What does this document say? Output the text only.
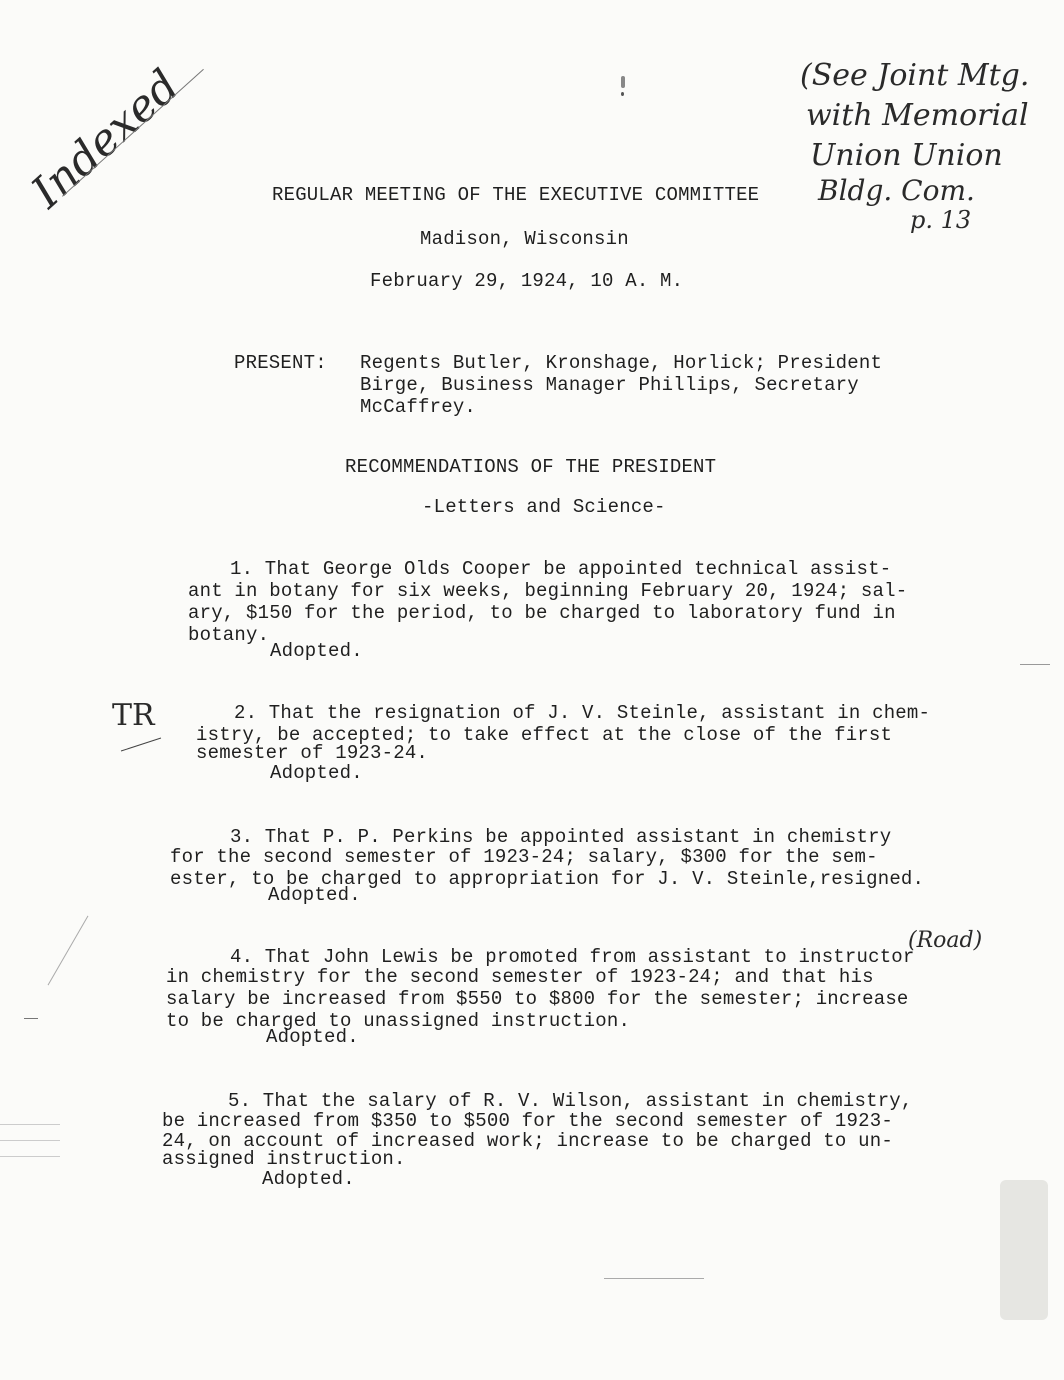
Indexed	(See Joint Mtg.
with Memorial
Union Union
Bldg. Com.
p. 13
REGULAR MEETING OF THE EXECUTIVE COMMITTEE
Madison, Wisconsin
February 29, 1924, 10 A. M.
PRESENT: Regents Butler, Kronshage, Horlick; President
Birge, Business Manager Phillips, Secretary
McCaffrey.
RECOMMENDATIONS OF THE PRESIDENT
-Letters and Science-
1. That George Olds Cooper be appointed technical assist-
ant in botany for six weeks, beginning February 20, 1924; sal-
ary, $150 for the period, to be charged to laboratory fund in
botany.
Adopted.
TR	2. That the resignation of J. V. Steinle, assistant in chem-
istry, be accepted; to take effect at the close of the first
semester of 1923-24.
Adopted.
3. That P. P. Perkins be appointed assistant in chemistry
for the second semester of 1923-24; salary, $300 for the sem-
ester, to be charged to appropriation for J. V. Steinle,resigned.
Adopted.
(Road)
4. That John Lewis be promoted from assistant to instructor
in chemistry for the second semester of 1923-24; and that his
salary be increased from $550 to $800 for the semester; increase
to be charged to unassigned instruction.
Adopted.
5. That the salary of R. V. Wilson, assistant in chemistry,
be increased from $350 to $500 for the second semester of 1923-
24, on account of increased work; increase to be charged to un-
assigned instruction.
Adopted.
